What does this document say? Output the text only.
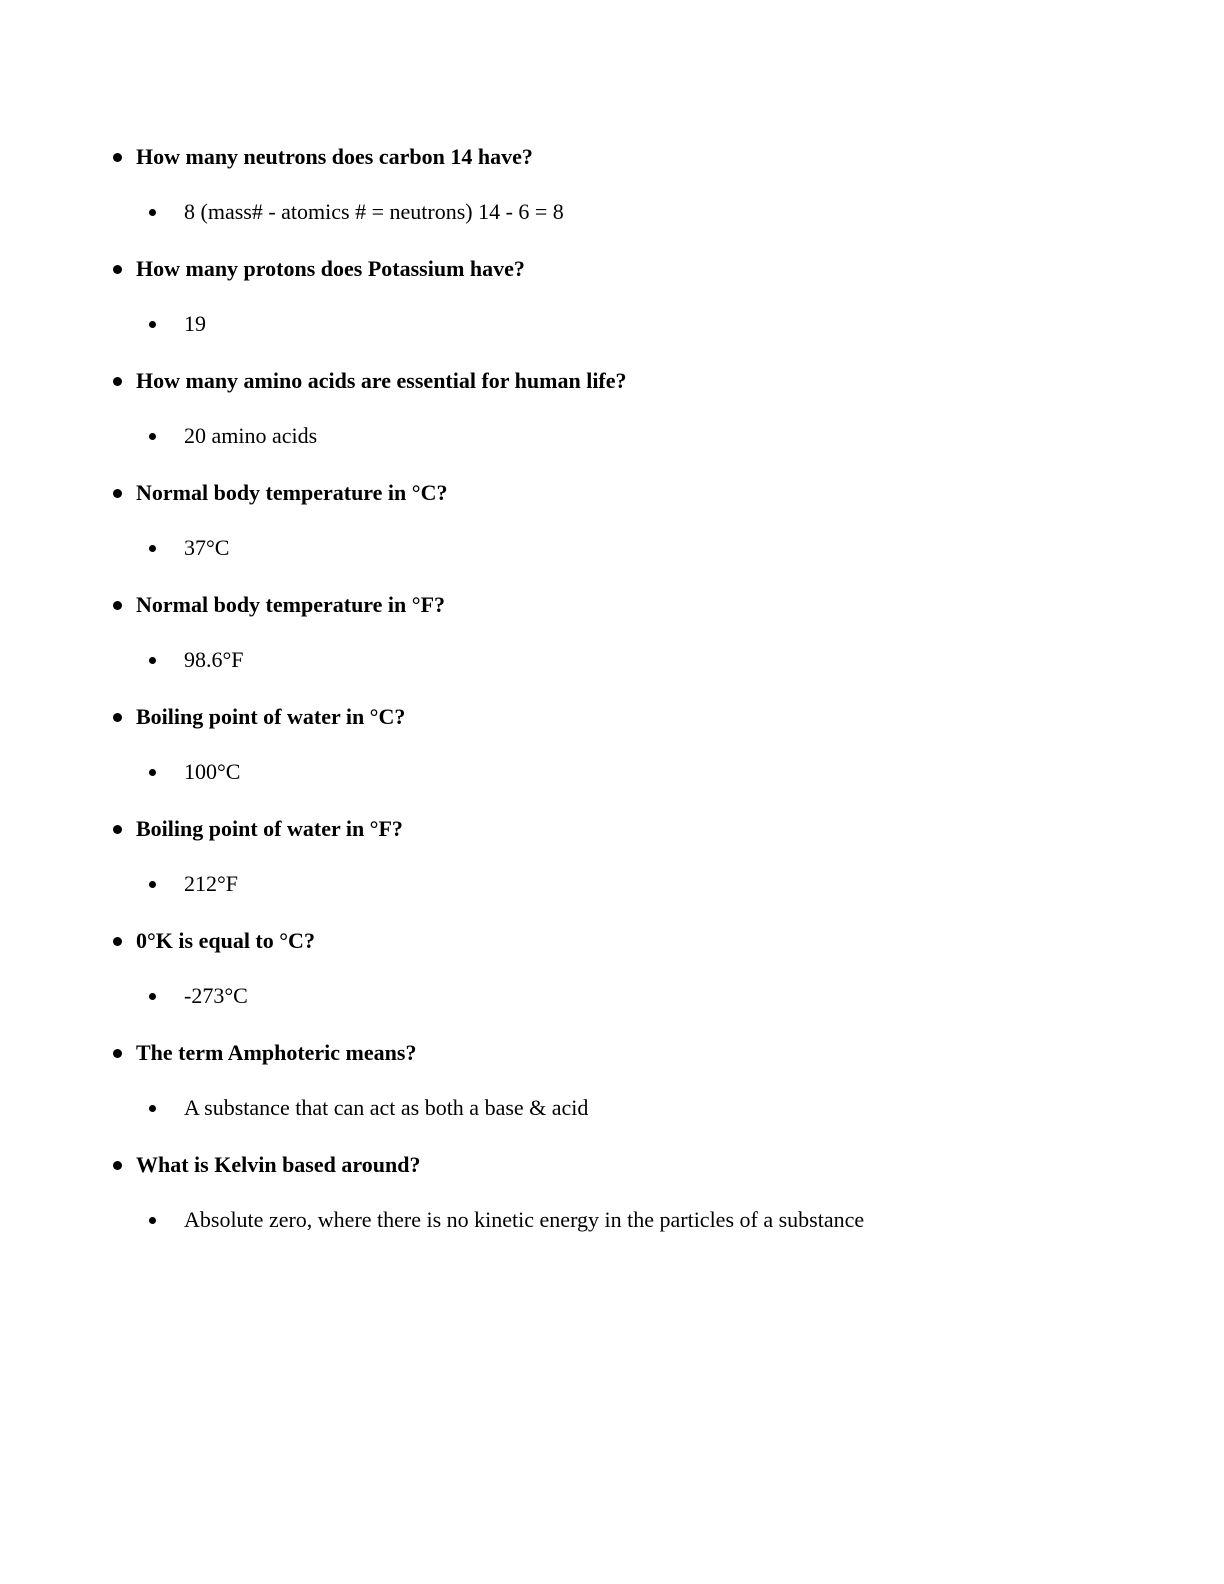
How many neutrons does carbon 14 have?
8 (mass# - atomics # = neutrons) 14 - 6 = 8
How many protons does Potassium have?
19
How many amino acids are essential for human life?
20 amino acids
Normal body temperature in °C?
37°C
Normal body temperature in °F?
98.6°F
Boiling point of water in °C?
100°C
Boiling point of water in °F?
212°F
0°K is equal to °C?
-273°C
The term Amphoteric means?
A substance that can act as both a base & acid
What is Kelvin based around?
Absolute zero, where there is no kinetic energy in the particles of a substance
